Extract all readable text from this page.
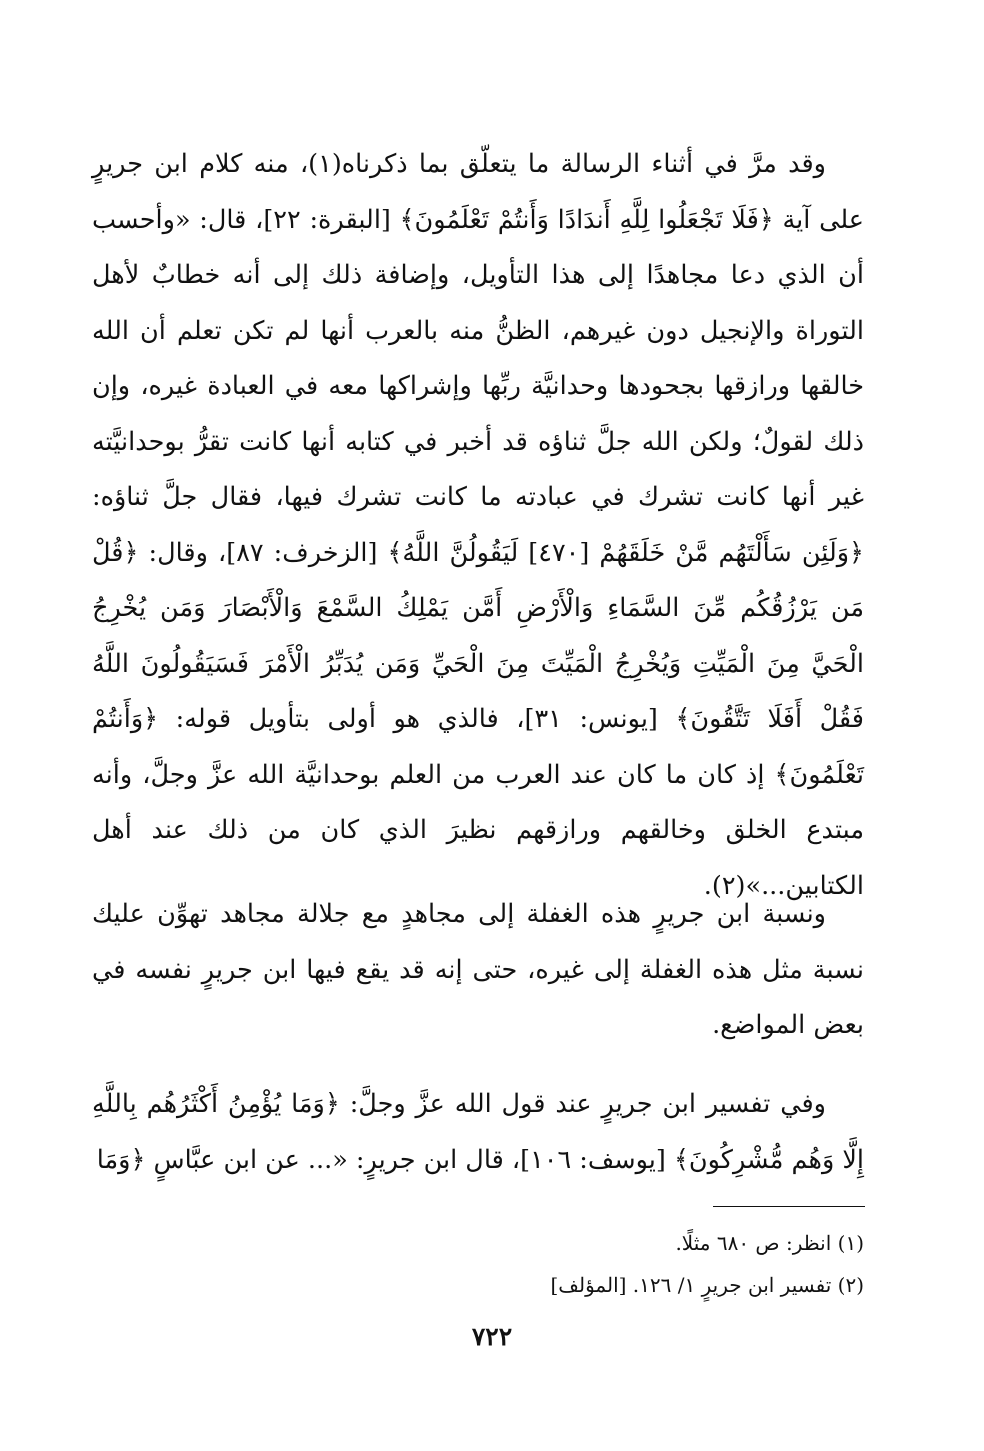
وقد مرَّ في أثناء الرسالة ما يتعلّق بما ذكرناه(١)، منه كلام ابن جريرٍ على آية ﴿فَلَا تَجْعَلُوا لِلَّهِ أَندَادًا وَأَنتُمْ تَعْلَمُونَ﴾ [البقرة: ٢٢]، قال: «وأحسب أن الذي دعا مجاهدًا إلى هذا التأويل، وإضافة ذلك إلى أنه خطابٌ لأهل التوراة والإنجيل دون غيرهم، الظنُّ منه بالعرب أنها لم تكن تعلم أن الله خالقها ورازقها بجحودها وحدانيَّة ربِّها وإشراكها معه في العبادة غيره، وإن ذلك لقولٌ؛ ولكن الله جلَّ ثناؤه قد أخبر في كتابه أنها كانت تقرُّ بوحدانيَّته غير أنها كانت تشرك في عبادته ما كانت تشرك فيها، فقال جلَّ ثناؤه: ﴿وَلَئِن سَأَلْتَهُم مَّنْ خَلَقَهُمْ [٤٧٠] لَيَقُولُنَّ اللَّهُ﴾ [الزخرف: ٨٧]، وقال: ﴿قُلْ مَن يَرْزُقُكُم مِّنَ السَّمَاءِ وَالْأَرْضِ أَمَّن يَمْلِكُ السَّمْعَ وَالْأَبْصَارَ وَمَن يُخْرِجُ الْحَيَّ مِنَ الْمَيِّتِ وَيُخْرِجُ الْمَيِّتَ مِنَ الْحَيِّ وَمَن يُدَبِّرُ الْأَمْرَ فَسَيَقُولُونَ اللَّهُ فَقُلْ أَفَلَا تَتَّقُونَ﴾ [يونس: ٣١]، فالذي هو أولى بتأويل قوله: ﴿وَأَنتُمْ تَعْلَمُونَ﴾ إذ كان ما كان عند العرب من العلم بوحدانيَّة الله عزَّ وجلَّ، وأنه مبتدع الخلق وخالقهم ورازقهم نظيرَ الذي كان من ذلك عند أهل الكتابين...»(٢).

ونسبة ابن جريرٍ هذه الغفلة إلى مجاهدٍ مع جلالة مجاهد تهوِّن عليك نسبة مثل هذه الغفلة إلى غيره، حتى إنه قد يقع فيها ابن جريرٍ نفسه في بعض المواضع.

وفي تفسير ابن جريرٍ عند قول الله عزَّ وجلَّ: ﴿وَمَا يُؤْمِنُ أَكْثَرُهُم بِاللَّهِ إِلَّا وَهُم مُّشْرِكُونَ﴾ [يوسف: ١٠٦]، قال ابن جريرٍ: «... عن ابن عبَّاسٍ ﴿وَمَا

(١) انظر: ص ٦٨٠ مثلًا.
(٢) تفسير ابن جريرٍ ١/ ١٢٦. [المؤلف]
٧٢٢
